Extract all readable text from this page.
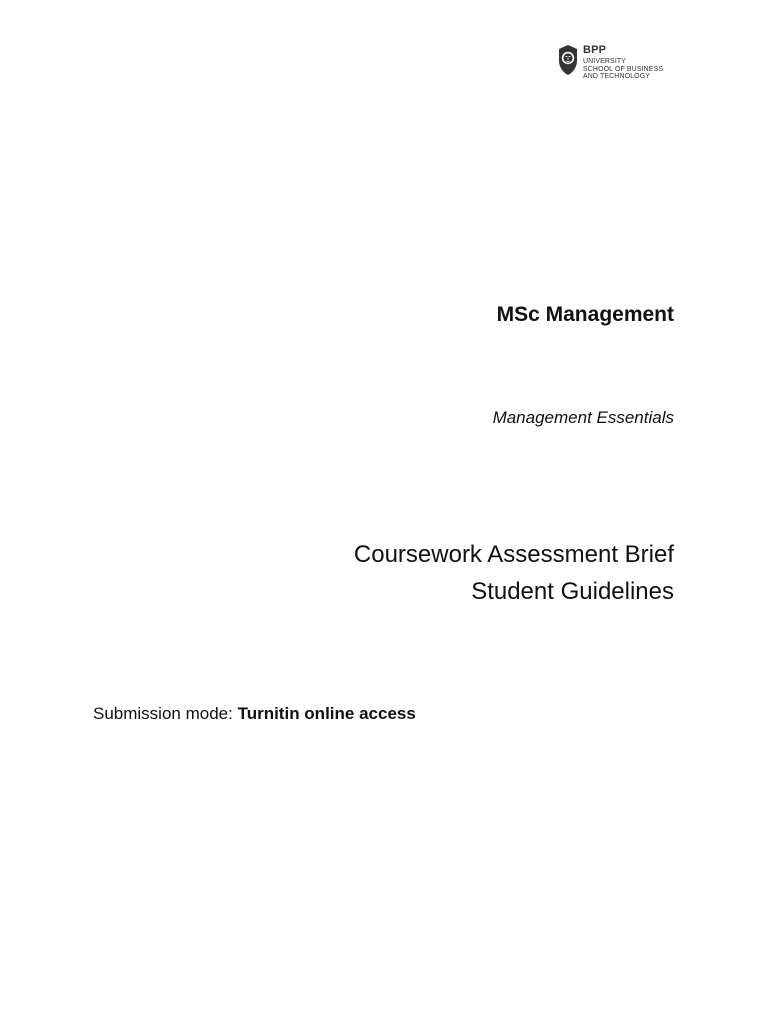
BPP
UNIVERSITY
SCHOOL OF BUSINESS
AND TECHNOLOGY
MSc Management
Management Essentials
Coursework Assessment Brief
Student Guidelines
Submission mode: Turnitin online access
